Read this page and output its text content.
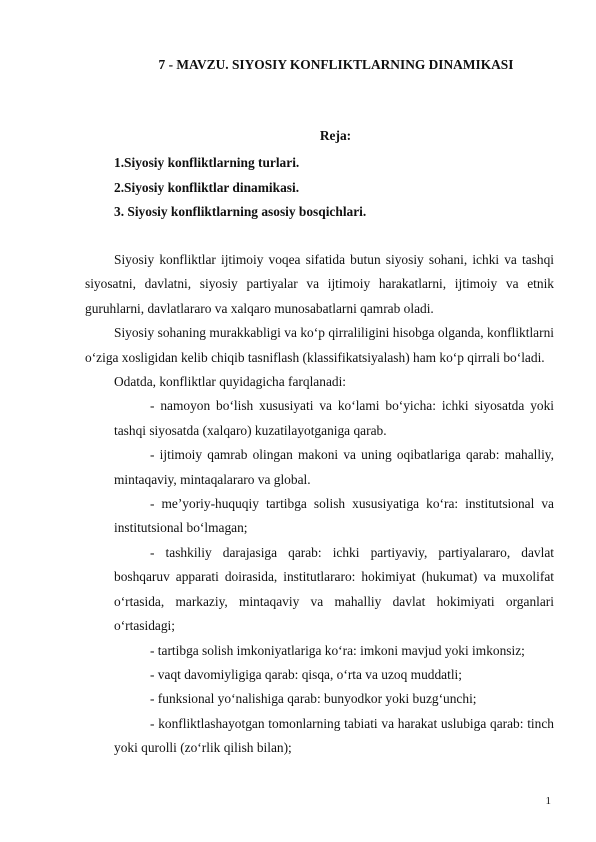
7 - MAVZU. SIYOSIY KONFLIKTLARNING DINAMIKASI
Reja:
1.Siyosiy konfliktlarning turlari.
2.Siyosiy konfliktlar dinamikasi.
3. Siyosiy konfliktlarning asosiy bosqichlari.

Siyosiy konfliktlar ijtimoiy voqea sifatida butun siyosiy sohani, ichki va tashqi siyosatni, davlatni, siyosiy partiyalar va ijtimoiy harakatlarni, ijtimoiy va etnik guruhlarni, davlatlararo va xalqaro munosabatlarni qamrab oladi.

Siyosiy sohaning murakkabligi va ko‘p qirraliligini hisobga olganda, konfliktlarni o‘ziga xosligidan kelib chiqib tasniflash (klassifikatsiyalash) ham ko‘p qirrali bo‘ladi.

Odatda, konfliktlar quyidagicha farqlanadi:

- namoyon bo‘lish xususiyati va ko‘lami bo‘yicha: ichki siyosatda yoki tashqi siyosatda (xalqaro) kuzatilayotganiga qarab.

- ijtimoiy qamrab olingan makoni va uning oqibatlariga qarab: mahalliy, mintaqaviy, mintaqalararo va global.

- me’yoriy-huquqiy tartibga solish xususiyatiga ko‘ra: institutsional va institutsional bo‘lmagan;

- tashkiliy darajasiga qarab: ichki partiyaviy, partiyalararo, davlat boshqaruv apparati doirasida, institutlararo: hokimiyat (hukumat) va muxolifat o‘rtasida, markaziy, mintaqaviy va mahalliy davlat hokimiyati organlari o‘rtasidagi;

- tartibga solish imkoniyatlariga ko‘ra: imkoni mavjud yoki imkonsiz;

- vaqt davomiyligiga qarab: qisqa, o‘rta va uzoq muddatli;

- funksional yo‘nalishiga qarab: bunyodkor yoki buzg‘unchi;

- konfliktlashayotgan tomonlarning tabiati va harakat uslubiga qarab: tinch yoki qurolli (zo‘rlik qilish bilan);

1
